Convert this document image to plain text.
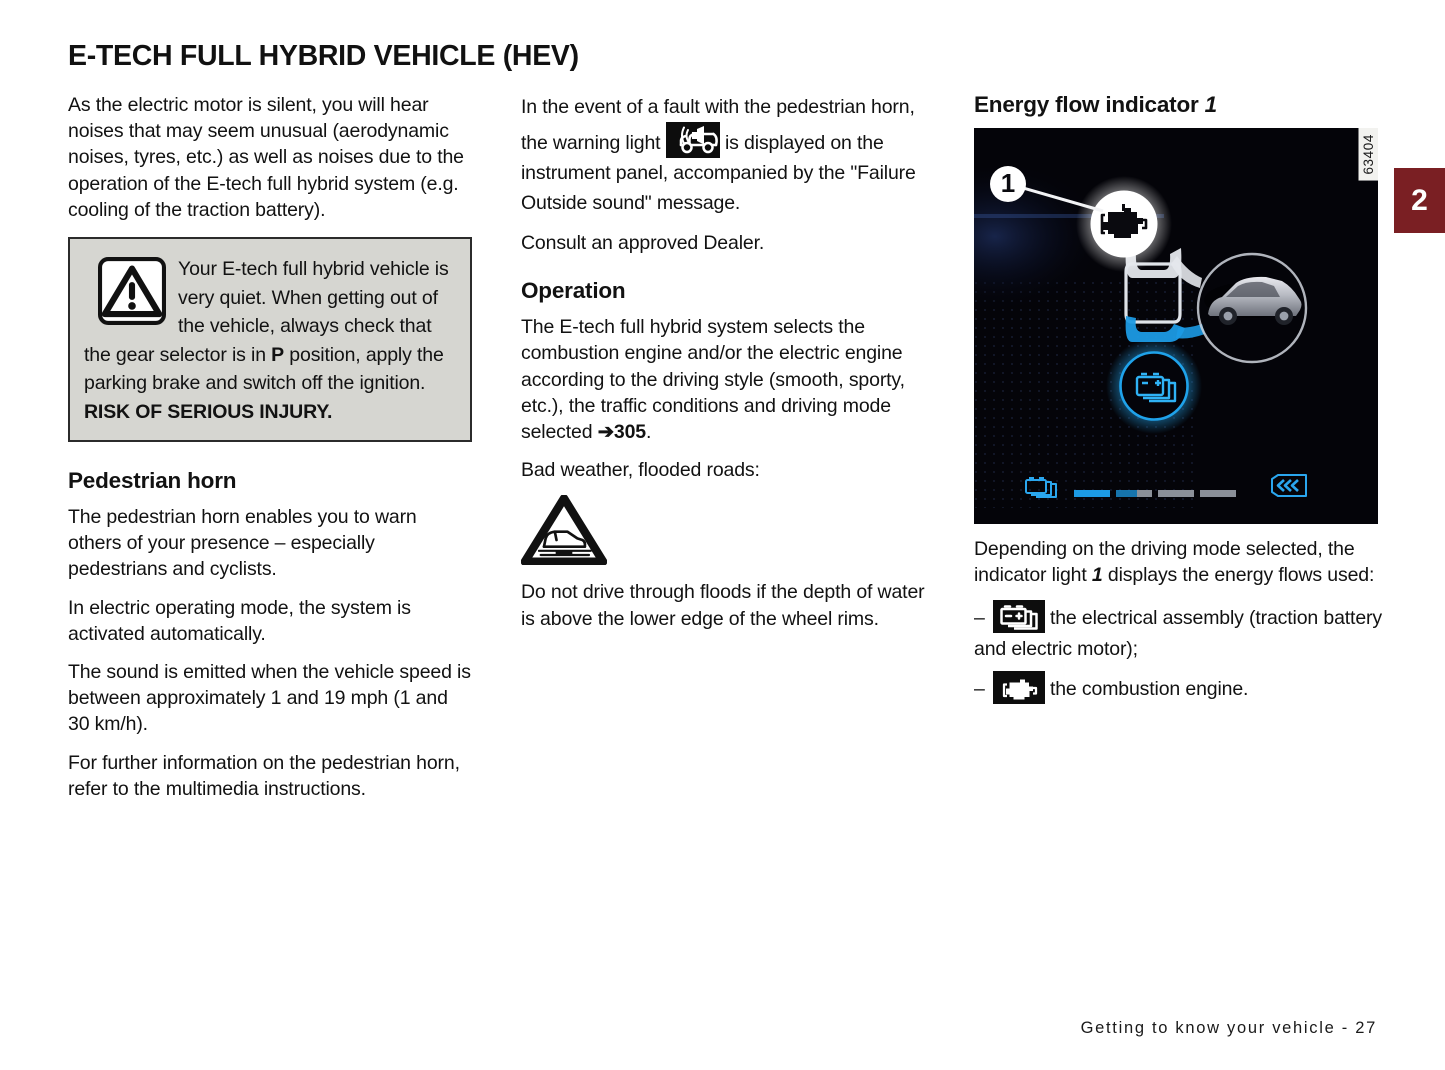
E-TECH FULL HYBRID VEHICLE (HEV)
2

As the electric motor is silent, you will hear noises that may seem unusual (aerodynamic noises, tyres, etc.) as well as noises due to the operation of the E-tech full hybrid system (e.g. cooling of the traction battery).

Your E-tech full hybrid vehicle is very quiet. When getting out of the vehicle, always check that the gear selector is in P position, apply the parking brake and switch off the ignition. RISK OF SERIOUS INJURY.
Pedestrian horn

The pedestrian horn enables you to warn others of your presence – especially pedestrians and cyclists.

In electric operating mode, the system is activated automatically.

The sound is emitted when the vehicle speed is between approximately 1 and 19 mph (1 and 30 km/h).

For further information on the pedestrian horn, refer to the multimedia instructions.

In the event of a fault with the pedestrian horn, the warning light	is displayed on the instrument panel, accompanied by the "Failure Outside sound" message.

Consult an approved Dealer.

Operation

The E-tech full hybrid system selects the combustion engine and/or the electric engine according to the driving style (smooth, sporty, etc.), the traffic conditions and driving mode selected ➔305.

Bad weather, flooded roads:

Do not drive through floods if the depth of water is above the lower edge of the wheel rims.

Energy flow indicator 1
1
63404

Depending on the driving mode selected, the indicator light 1 displays the energy flows used:

–	the electrical assembly (traction battery and electric motor);

–	the combustion engine.

Getting to know your vehicle - 27
